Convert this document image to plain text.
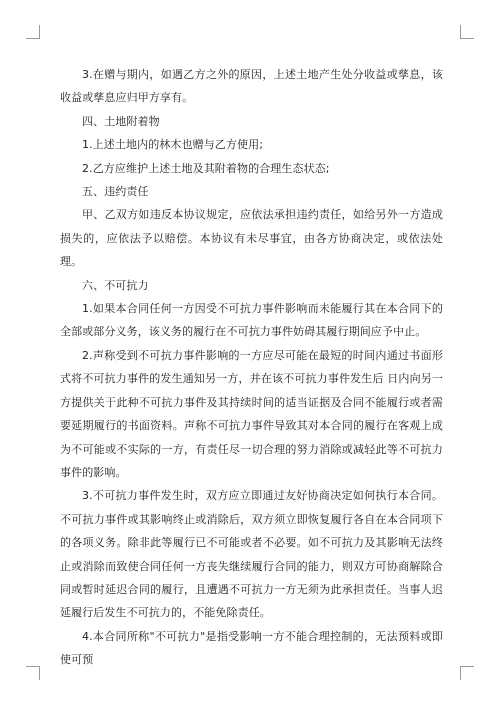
3.在赠与期内，如遇乙方之外的原因，上述土地产生处分收益或孳息，该收益或孳息应归甲方享有。

四、土地附着物

1.上述土地内的林木也赠与乙方使用;

2.乙方应维护上述土地及其附着物的合理生态状态;

五、违约责任

甲、乙双方如违反本协议规定，应依法承担违约责任，如给另外一方造成损失的，应依法予以赔偿。本协议有未尽事宜，由各方协商决定，或依法处理。

六、不可抗力

1.如果本合同任何一方因受不可抗力事件影响而未能履行其在本合同下的全部或部分义务，该义务的履行在不可抗力事件妨碍其履行期间应予中止。

2.声称受到不可抗力事件影响的一方应尽可能在最短的时间内通过书面形式将不可抗力事件的发生通知另一方，并在该不可抗力事件发生后 日内向另一方提供关于此种不可抗力事件及其持续时间的适当证据及合同不能履行或者需要延期履行的书面资料。声称不可抗力事件导致其对本合同的履行在客观上成为不可能或不实际的一方，有责任尽一切合理的努力消除或减轻此等不可抗力事件的影响。

3.不可抗力事件发生时，双方应立即通过友好协商决定如何执行本合同。不可抗力事件或其影响终止或消除后，双方须立即恢复履行各自在本合同项下的各项义务。除非此等履行已不可能或者不必要。如不可抗力及其影响无法终止或消除而致使合同任何一方丧失继续履行合同的能力，则双方可协商解除合同或暂时延迟合同的履行，且遭遇不可抗力一方无须为此承担责任。当事人迟延履行后发生不可抗力的，不能免除责任。

4.本合同所称"不可抗力"是指受影响一方不能合理控制的，无法预料或即使可预
